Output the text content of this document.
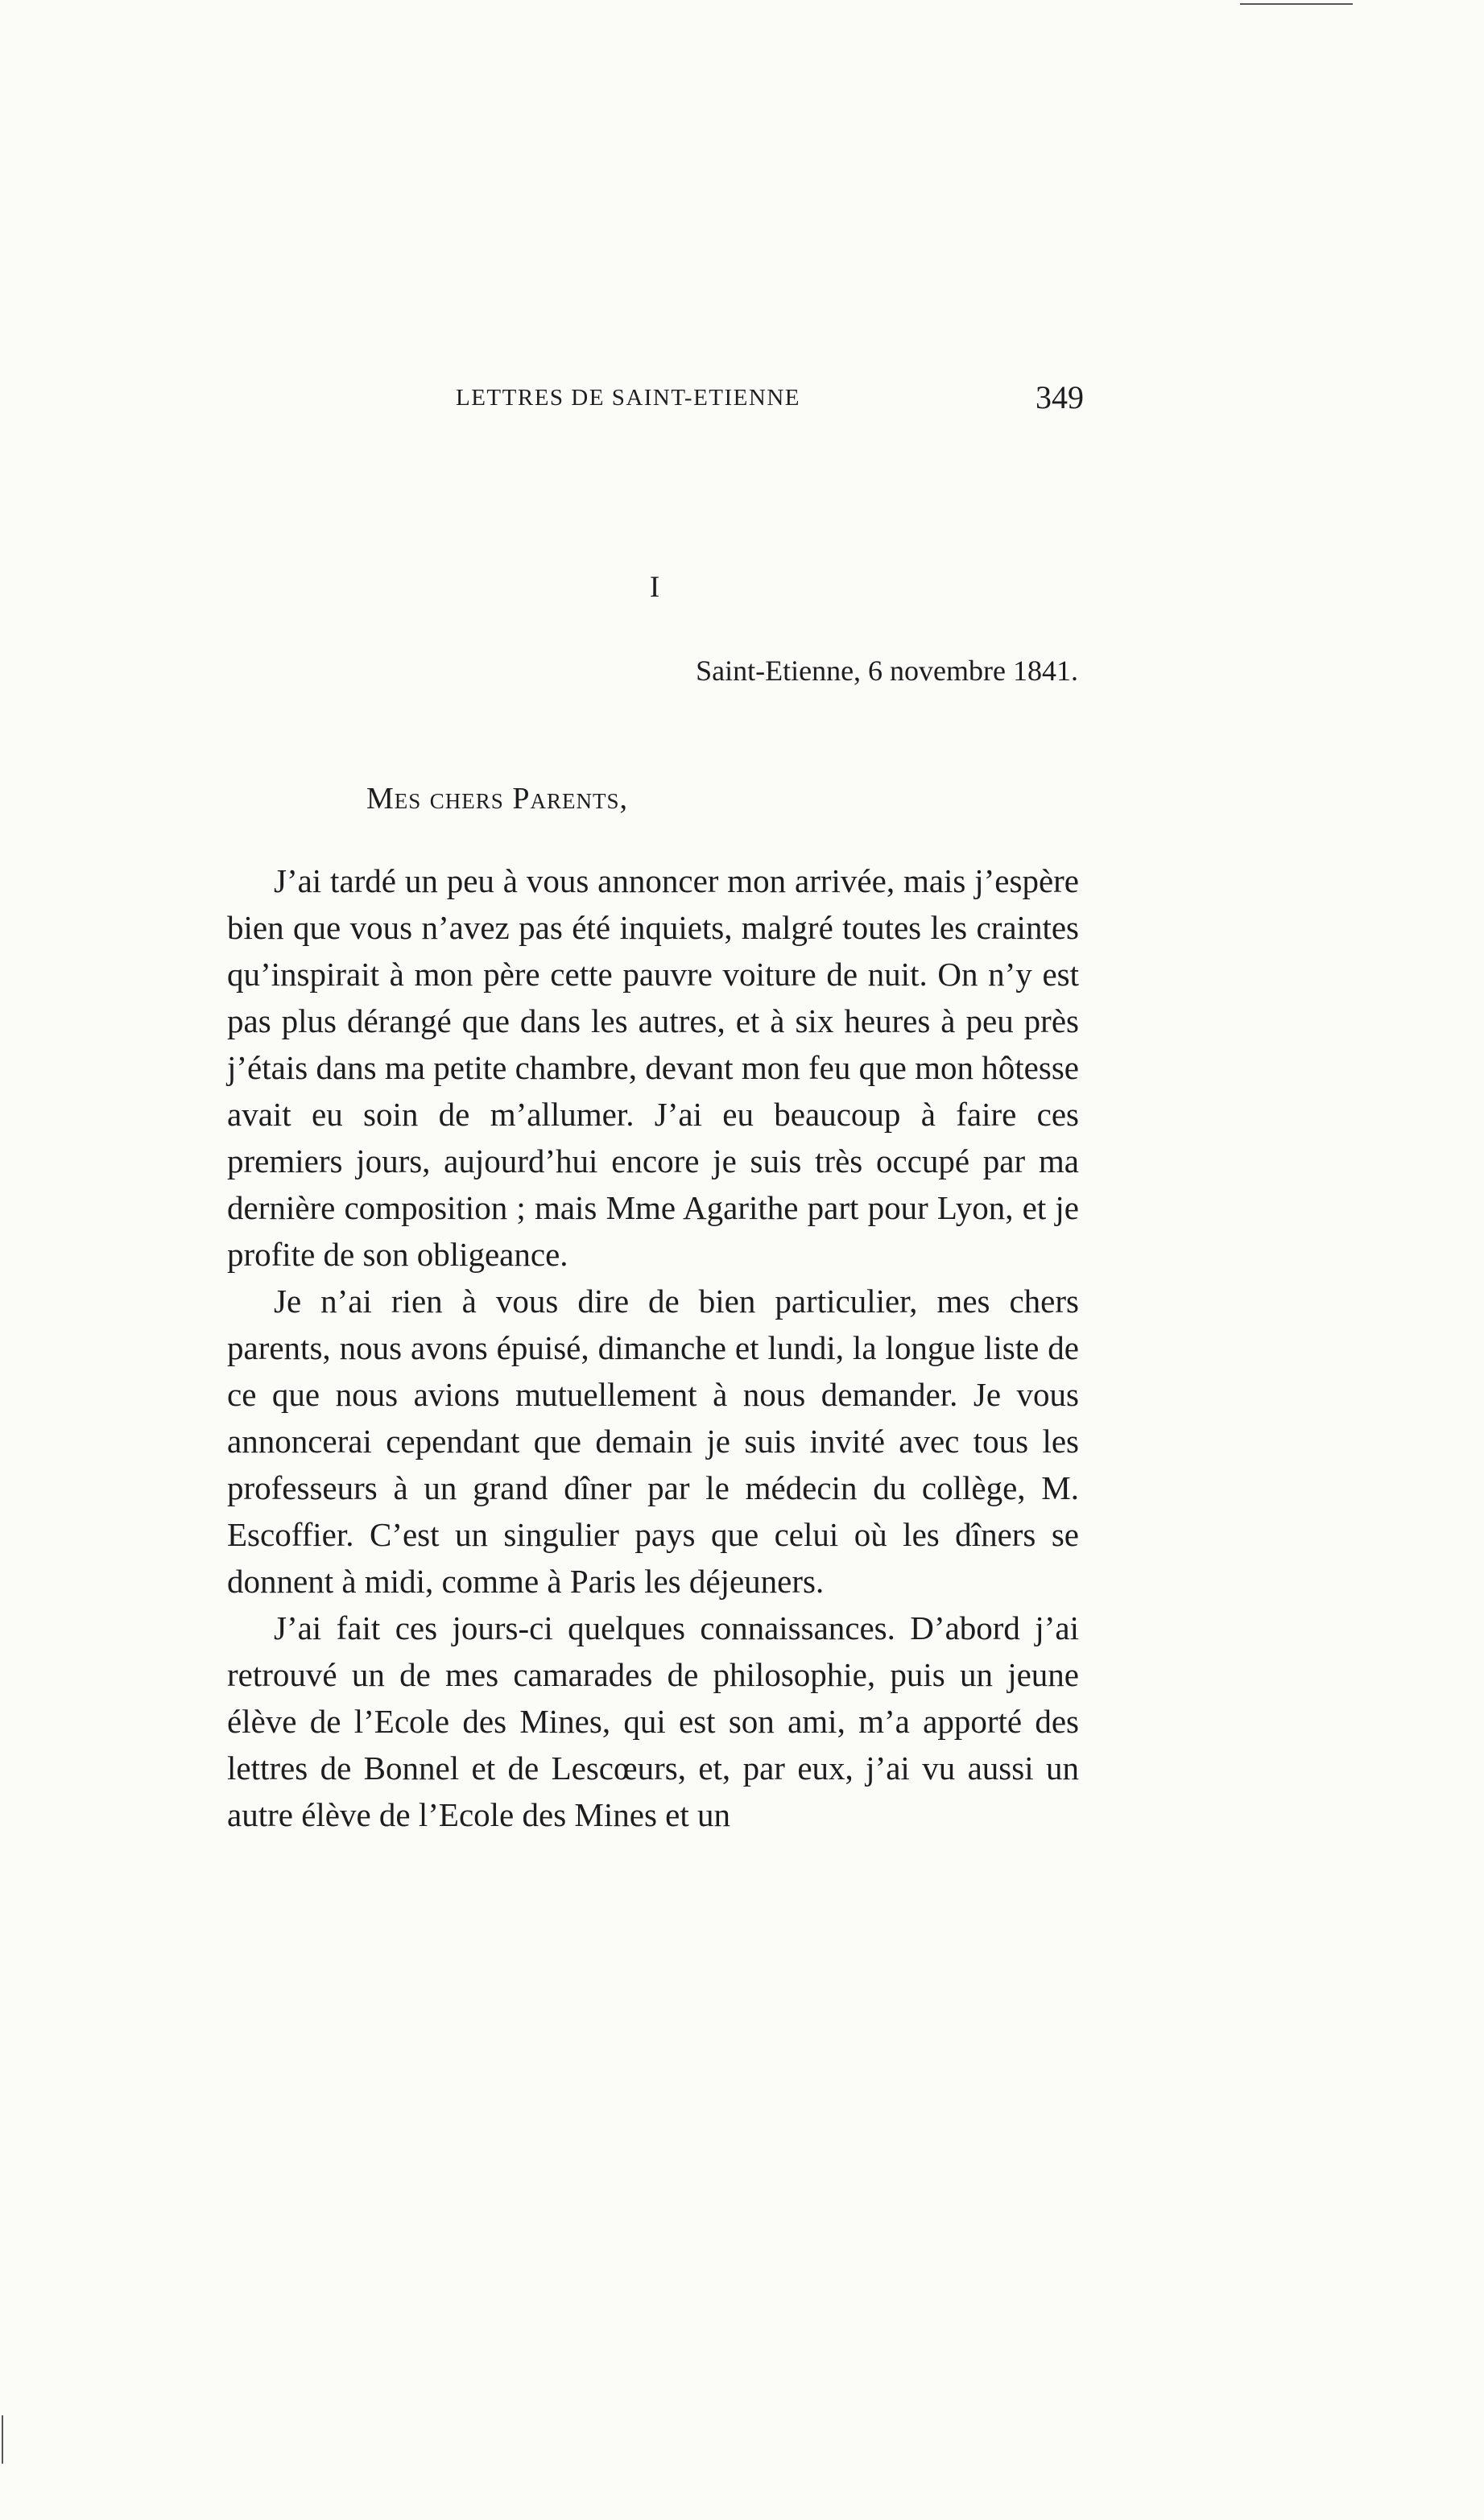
LETTRES DE SAINT-ETIENNE	349
I
Saint-Etienne, 6 novembre 1841.
Mes chers Parents,

J’ai tardé un peu à vous annoncer mon arrivée, mais j’espère bien que vous n’avez pas été inquiets, malgré toutes les craintes qu’inspirait à mon père cette pauvre voiture de nuit. On n’y est pas plus dérangé que dans les autres, et à six heures à peu près j’étais dans ma petite chambre, devant mon feu que mon hôtesse avait eu soin de m’allumer. J’ai eu beaucoup à faire ces premiers jours, aujourd’hui encore je suis très occupé par ma dernière composition ; mais Mme Agarithe part pour Lyon, et je profite de son obligeance.

Je n’ai rien à vous dire de bien particulier, mes chers parents, nous avons épuisé, dimanche et lundi, la longue liste de ce que nous avions mutuellement à nous demander. Je vous annoncerai cependant que demain je suis invité avec tous les professeurs à un grand dîner par le médecin du collège, M. Escoffier. C’est un singulier pays que celui où les dîners se donnent à midi, comme à Paris les déjeuners.

J’ai fait ces jours-ci quelques connaissances. D’abord j’ai retrouvé un de mes camarades de philosophie, puis un jeune élève de l’Ecole des Mines, qui est son ami, m’a apporté des lettres de Bonnel et de Lescœurs, et, par eux, j’ai vu aussi un autre élève de l’Ecole des Mines et un
